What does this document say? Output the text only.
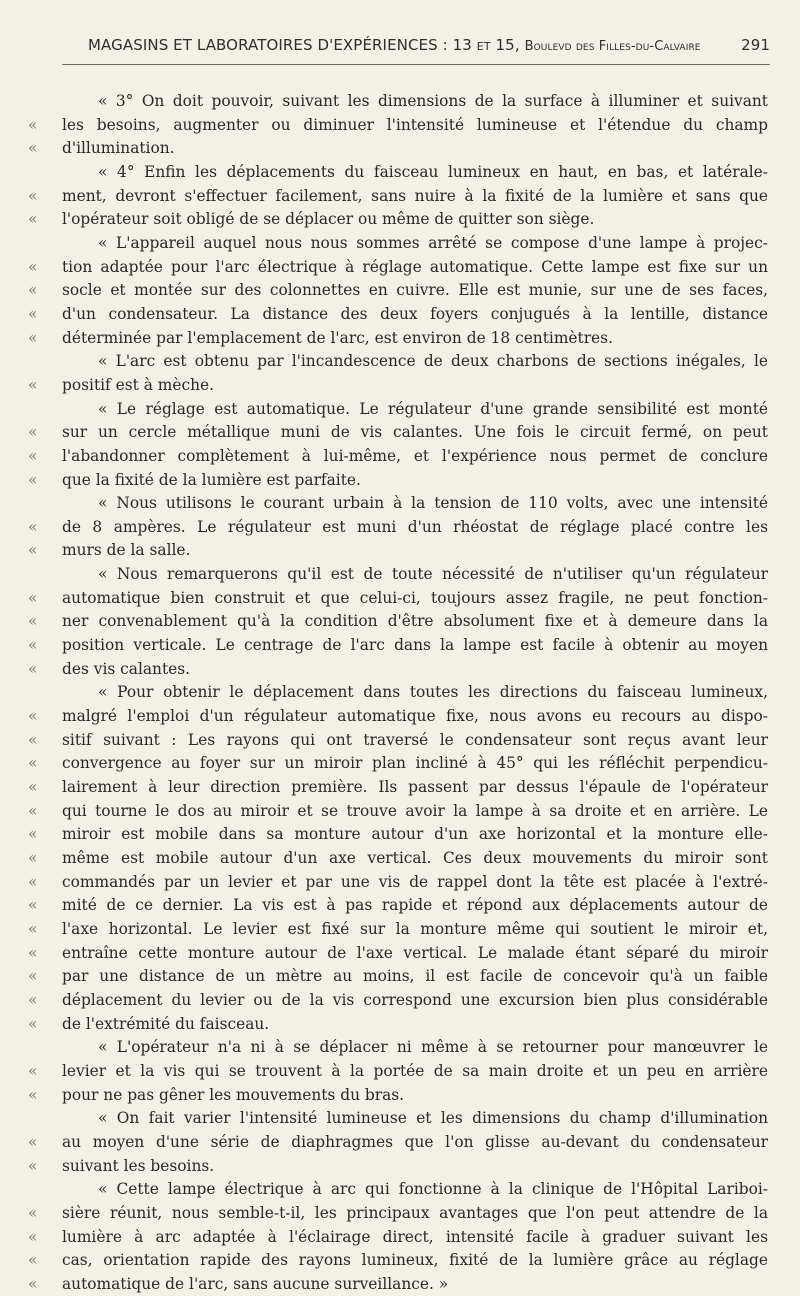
MAGASINS ET LABORATOIRES D'EXPÉRIENCES : 13 et 15, Boulevd des Filles-du-Calvaire	291
« 3° On doit pouvoir, suivant les dimensions de la surface à illuminer et suivant
«	les besoins, augmenter ou diminuer l'intensité lumineuse et l'étendue du champ
«	d'illumination.
« 4° Enfin les déplacements du faisceau lumineux en haut, en bas, et latérale-
«	ment, devront s'effectuer facilement, sans nuire à la fixité de la lumière et sans que
«	l'opérateur soit obligé de se déplacer ou même de quitter son siège.
« L'appareil auquel nous nous sommes arrêté se compose d'une lampe à projec-
«	tion adaptée pour l'arc électrique à réglage automatique. Cette lampe est fixe sur un
«	socle et montée sur des colonnettes en cuivre. Elle est munie, sur une de ses faces,
«	d'un condensateur. La distance des deux foyers conjugués à la lentille, distance
«	déterminée par l'emplacement de l'arc, est environ de 18 centimètres.
« L'arc est obtenu par l'incandescence de deux charbons de sections inégales, le
«	positif est à mèche.
« Le réglage est automatique. Le régulateur d'une grande sensibilité est monté
«	sur un cercle métallique muni de vis calantes. Une fois le circuit fermé, on peut
«	l'abandonner complètement à lui-même, et l'expérience nous permet de conclure
«	que la fixité de la lumière est parfaite.
« Nous utilisons le courant urbain à la tension de 110 volts, avec une intensité
«	de 8 ampères. Le régulateur est muni d'un rhéostat de réglage placé contre les
«	murs de la salle.
« Nous remarquerons qu'il est de toute nécessité de n'utiliser qu'un régulateur
«	automatique bien construit et que celui-ci, toujours assez fragile, ne peut fonction-
«	ner convenablement qu'à la condition d'être absolument fixe et à demeure dans la
«	position verticale. Le centrage de l'arc dans la lampe est facile à obtenir au moyen
«	des vis calantes.
« Pour obtenir le déplacement dans toutes les directions du faisceau lumineux,
«	malgré l'emploi d'un régulateur automatique fixe, nous avons eu recours au dispo-
«	sitif suivant : Les rayons qui ont traversé le condensateur sont reçus avant leur
«	convergence au foyer sur un miroir plan incliné à 45° qui les réfléchit perpendicu-
«	lairement à leur direction première. Ils passent par dessus l'épaule de l'opérateur
«	qui tourne le dos au miroir et se trouve avoir la lampe à sa droite et en arrière. Le
«	miroir est mobile dans sa monture autour d'un axe horizontal et la monture elle-
«	même est mobile autour d'un axe vertical. Ces deux mouvements du miroir sont
«	commandés par un levier et par une vis de rappel dont la tête est placée à l'extré-
«	mité de ce dernier. La vis est à pas rapide et répond aux déplacements autour de
«	l'axe horizontal. Le levier est fixé sur la monture même qui soutient le miroir et,
«	entraîne cette monture autour de l'axe vertical. Le malade étant séparé du miroir
«	par une distance de un mètre au moins, il est facile de concevoir qu'à un faible
«	déplacement du levier ou de la vis correspond une excursion bien plus considérable
«	de l'extrémité du faisceau.
« L'opérateur n'a ni à se déplacer ni même à se retourner pour manœuvrer le
«	levier et la vis qui se trouvent à la portée de sa main droite et un peu en arrière
«	pour ne pas gêner les mouvements du bras.
« On fait varier l'intensité lumineuse et les dimensions du champ d'illumination
«	au moyen d'une série de diaphragmes que l'on glisse au-devant du condensateur
«	suivant les besoins.
« Cette lampe électrique à arc qui fonctionne à la clinique de l'Hôpital Lariboi-
«	sière réunit, nous semble-t-il, les principaux avantages que l'on peut attendre de la
«	lumière à arc adaptée à l'éclairage direct, intensité facile à graduer suivant les
«	cas, orientation rapide des rayons lumineux, fixité de la lumière grâce au réglage
«	automatique de l'arc, sans aucune surveillance. »
